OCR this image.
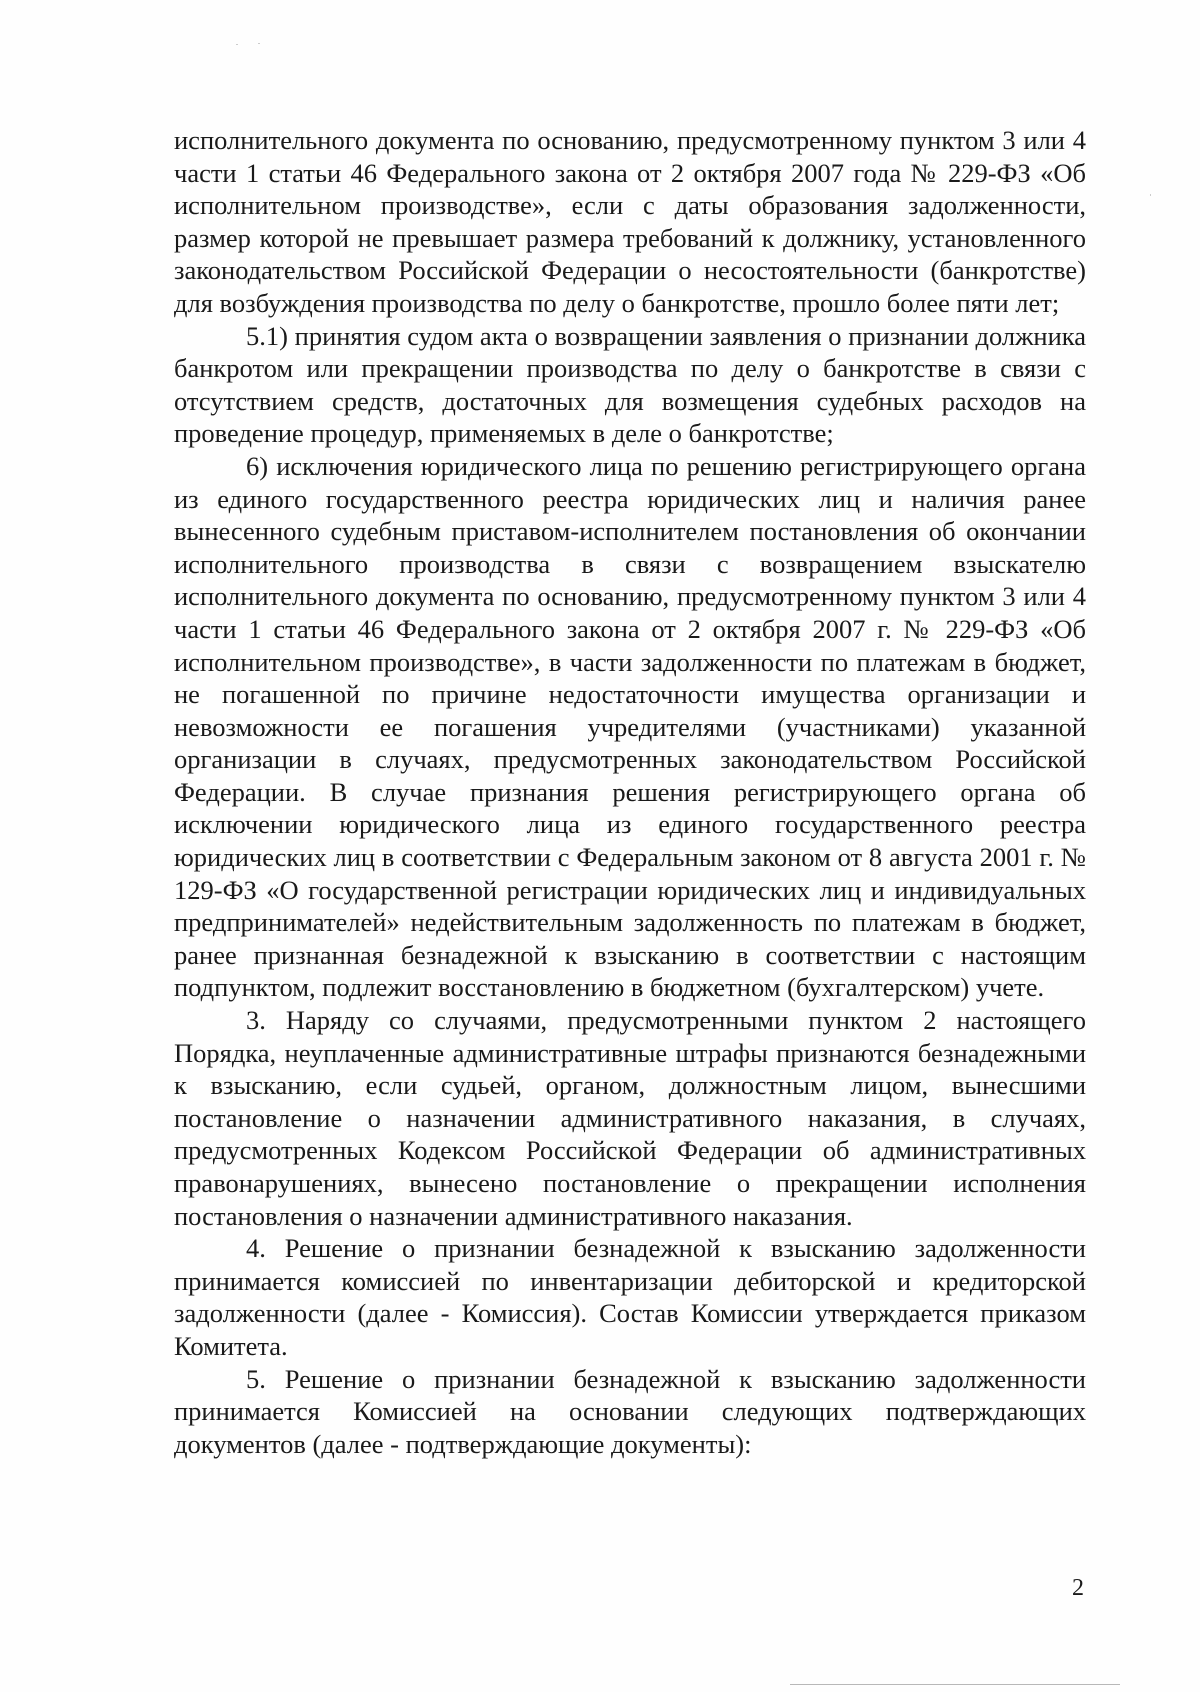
исполнительного документа по основанию, предусмотренному пунктом 3 или 4 части 1 статьи 46 Федерального закона от 2 октября 2007 года № 229-ФЗ «Об исполнительном производстве», если с даты образования задолженности, размер которой не превышает размера требований к должнику, установленного законодательством Российской Федерации о несостоятельности (банкротстве) для возбуждения производства по делу о банкротстве, прошло более пяти лет;

5.1) принятия судом акта о возвращении заявления о признании должника банкротом или прекращении производства по делу о банкротстве в связи с отсутствием средств, достаточных для возмещения судебных расходов на проведение процедур, применяемых в деле о банкротстве;

6) исключения юридического лица по решению регистрирующего органа из единого государственного реестра юридических лиц и наличия ранее вынесенного судебным приставом-исполнителем постановления об окончании исполнительного производства в связи с возвращением взыскателю исполнительного документа по основанию, предусмотренному пунктом 3 или 4 части 1 статьи 46 Федерального закона от 2 октября 2007 г. № 229-ФЗ «Об исполнительном производстве», в части задолженности по платежам в бюджет, не погашенной по причине недостаточности имущества организации и невозможности ее погашения учредителями (участниками) указанной организации в случаях, предусмотренных законодательством Российской Федерации. В случае признания решения регистрирующего органа об исключении юридического лица из единого государственного реестра юридических лиц в соответствии с Федеральным законом от 8 августа 2001 г. № 129-ФЗ «О государственной регистрации юридических лиц и индивидуальных предпринимателей» недействительным задолженность по платежам в бюджет, ранее признанная безнадежной к взысканию в соответствии с настоящим подпунктом, подлежит восстановлению в бюджетном (бухгалтерском) учете.

3. Наряду со случаями, предусмотренными пунктом 2 настоящего Порядка, неуплаченные административные штрафы признаются безнадежными к взысканию, если судьей, органом, должностным лицом, вынесшими постановление о назначении административного наказания, в случаях, предусмотренных Кодексом Российской Федерации об административных правонарушениях, вынесено постановление о прекращении исполнения постановления о назначении административного наказания.

4. Решение о признании безнадежной к взысканию задолженности принимается комиссией по инвентаризации дебиторской и кредиторской задолженности (далее - Комиссия). Состав Комиссии утверждается приказом Комитета.

5. Решение о признании безнадежной к взысканию задолженности принимается Комиссией на основании следующих подтверждающих документов (далее - подтверждающие документы):

2
